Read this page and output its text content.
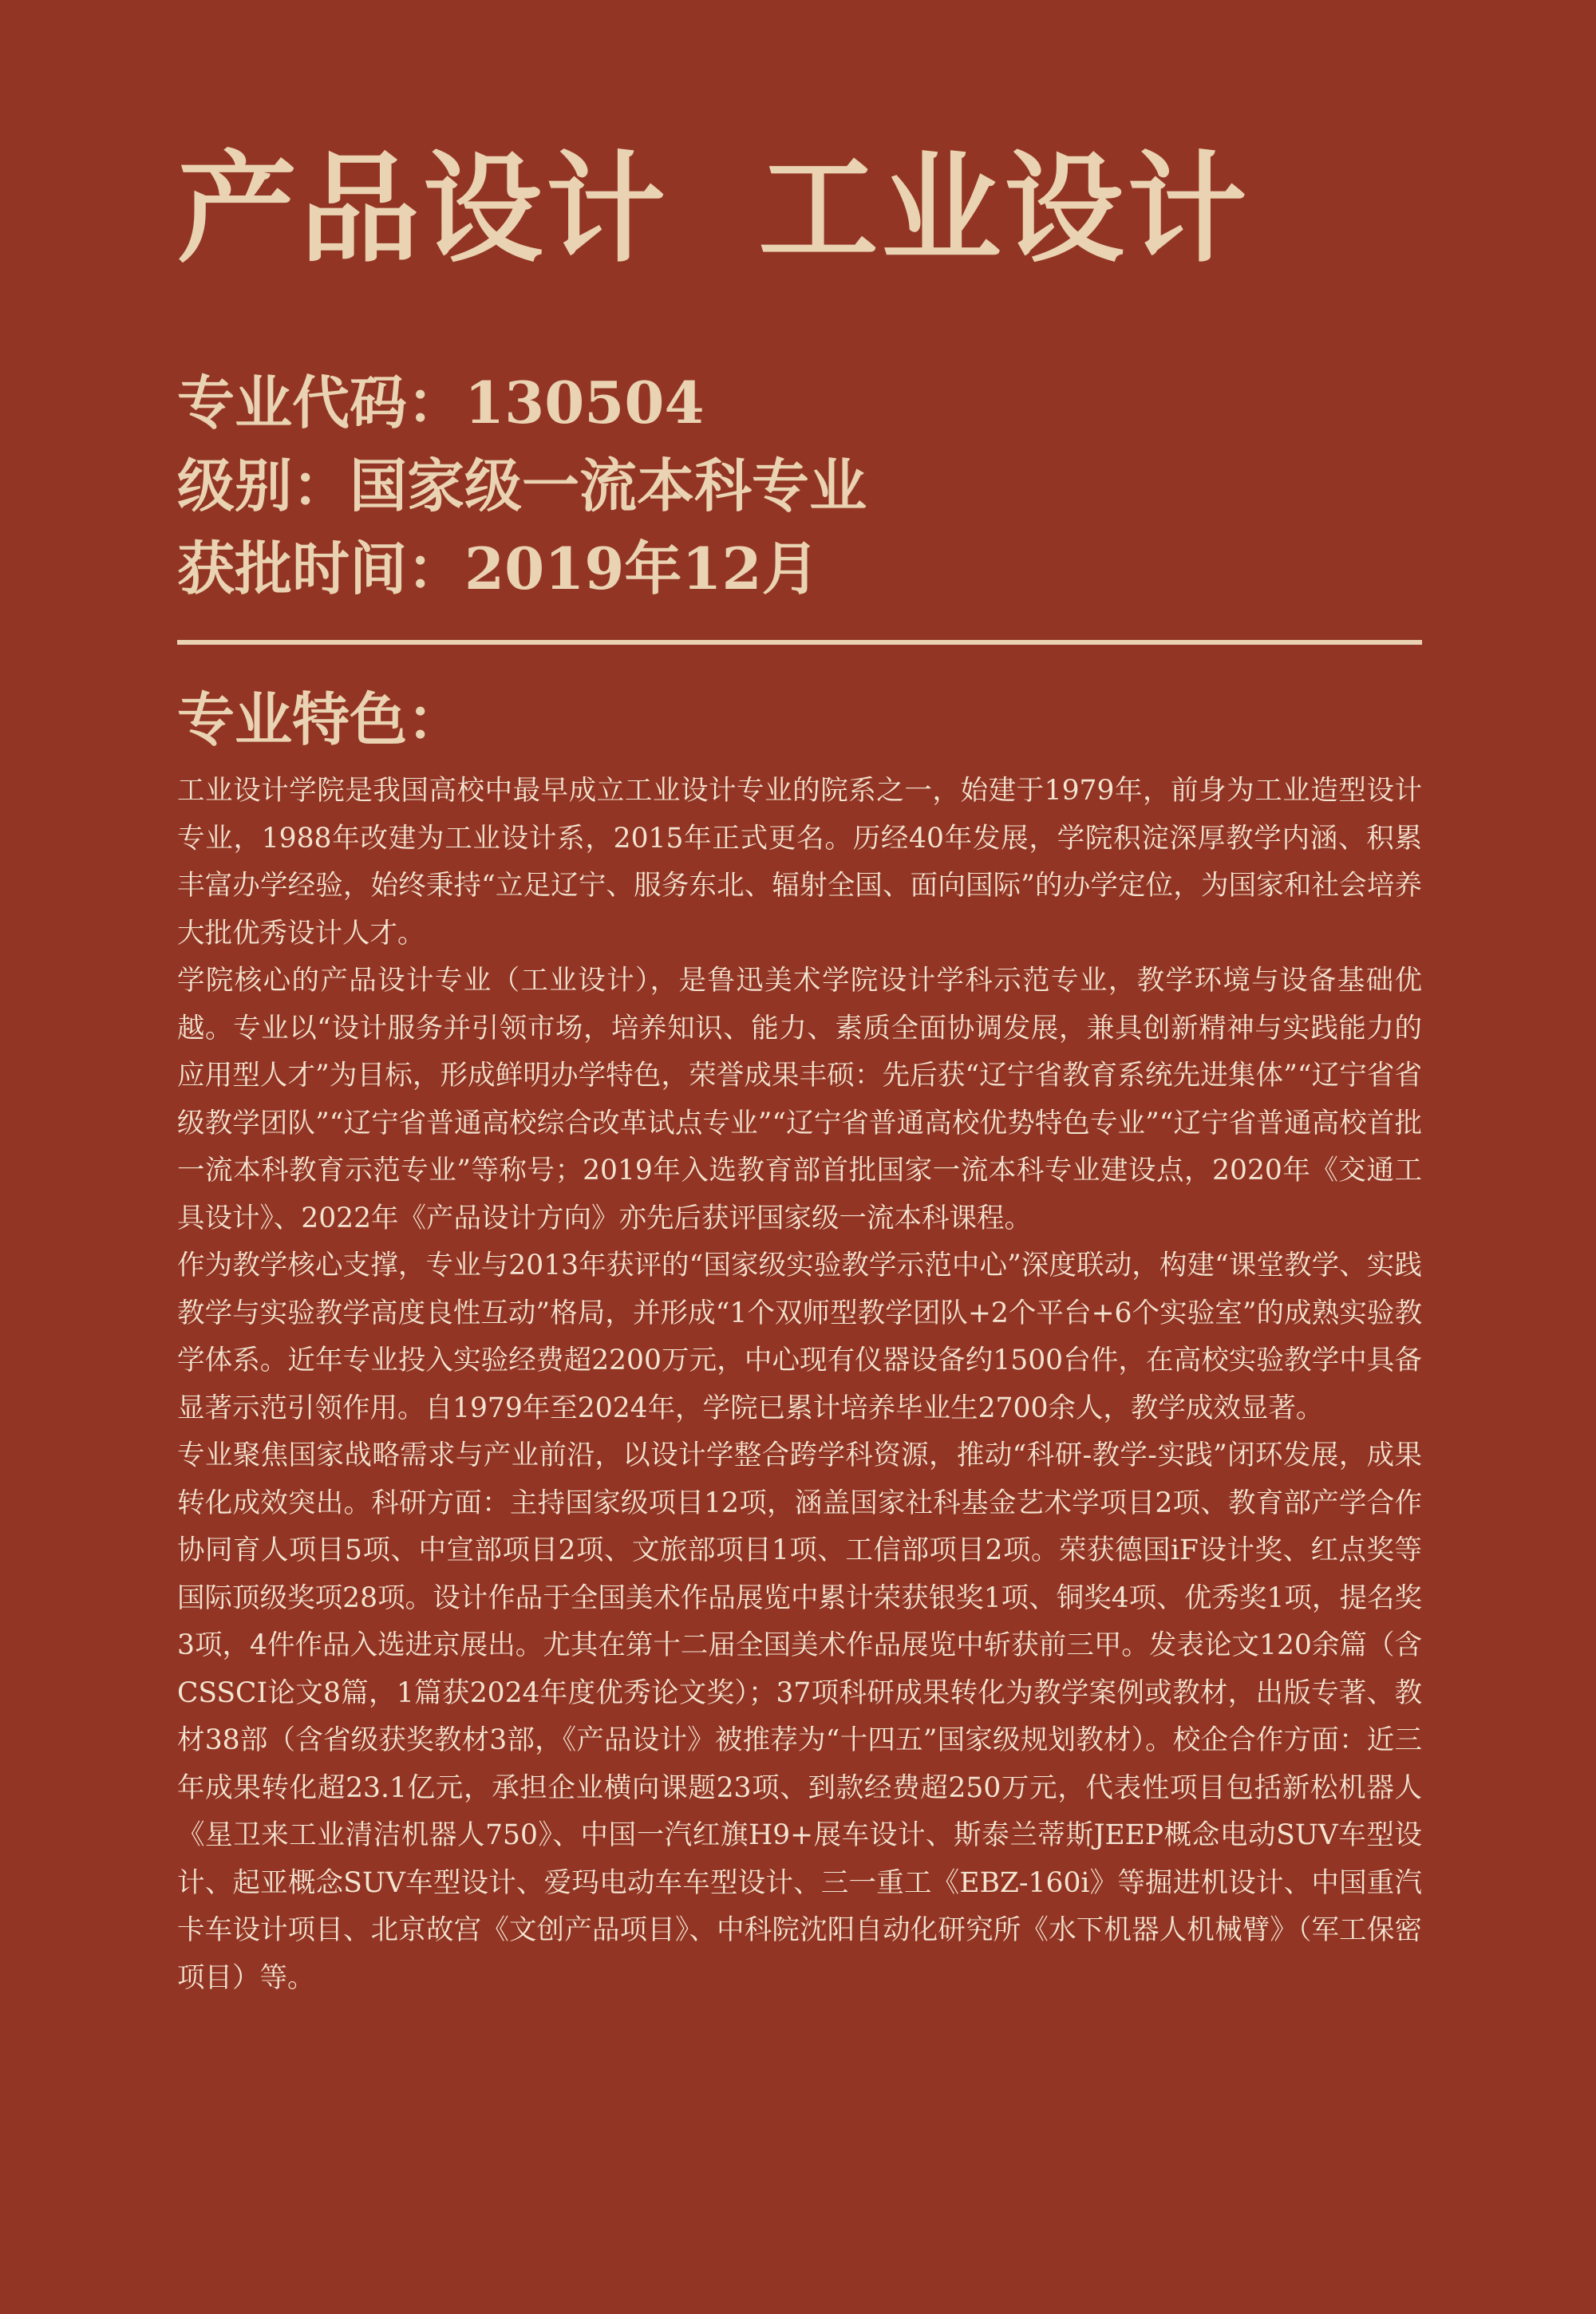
产品设计  工业设计
专业代码：130504
级别：国家级一流本科专业
获批时间：2019年12月
专业特色：

工业设计学院是我国高校中最早成立工业设计专业的院系之一，始建于1979年，前身为工业造型设计专业，1988年改建为工业设计系，2015年正式更名。历经40年发展，学院积淀深厚教学内涵、积累丰富办学经验，始终秉持“立足辽宁、服务东北、辐射全国、面向国际”的办学定位，为国家和社会培养大批优秀设计人才。

学院核心的产品设计专业（工业设计），是鲁迅美术学院设计学科示范专业，教学环境与设备基础优越。专业以“设计服务并引领市场，培养知识、能力、素质全面协调发展，兼具创新精神与实践能力的应用型人才”为目标，形成鲜明办学特色，荣誉成果丰硕：先后获“辽宁省教育系统先进集体”“辽宁省省级教学团队”“辽宁省普通高校综合改革试点专业”“辽宁省普通高校优势特色专业”“辽宁省普通高校首批一流本科教育示范专业”等称号；2019年入选教育部首批国家一流本科专业建设点，2020年《交通工具设计》、2022年《产品设计方向》亦先后获评国家级一流本科课程。

作为教学核心支撑，专业与2013年获评的“国家级实验教学示范中心”深度联动，构建“课堂教学、实践教学与实验教学高度良性互动”格局，并形成“1个双师型教学团队+2个平台+6个实验室”的成熟实验教学体系。近年专业投入实验经费超2200万元，中心现有仪器设备约1500台件，在高校实验教学中具备显著示范引领作用。自1979年至2024年，学院已累计培养毕业生2700余人，教学成效显著。

专业聚焦国家战略需求与产业前沿，以设计学整合跨学科资源，推动“科研-教学-实践”闭环发展，成果转化成效突出。科研方面：主持国家级项目12项，涵盖国家社科基金艺术学项目2项、教育部产学合作协同育人项目5项、中宣部项目2项、文旅部项目1项、工信部项目2项。荣获德国iF设计奖、红点奖等国际顶级奖项28项。设计作品于全国美术作品展览中累计荣获银奖1项、铜奖4项、优秀奖1项，提名奖3项，4件作品入选进京展出。尤其在第十二届全国美术作品展览中斩获前三甲。发表论文120余篇（含CSSCI论文8篇，1篇获2024年度优秀论文奖）；37项科研成果转化为教学案例或教材，出版专著、教材38部（含省级获奖教材3部，《产品设计》被推荐为“十四五”国家级规划教材）。校企合作方面：近三年成果转化超23.1亿元，承担企业横向课题23项、到款经费超250万元，代表性项目包括新松机器人《星卫来工业清洁机器人750》、中国一汽红旗H9+展车设计、斯泰兰蒂斯JEEP概念电动SUV车型设计、起亚概念SUV车型设计、爱玛电动车车型设计、三一重工《EBZ-160i》等掘进机设计、中国重汽卡车设计项目、北京故宫《文创产品项目》、中科院沈阳自动化研究所《水下机器人机械臂》（军工保密项目）等。
